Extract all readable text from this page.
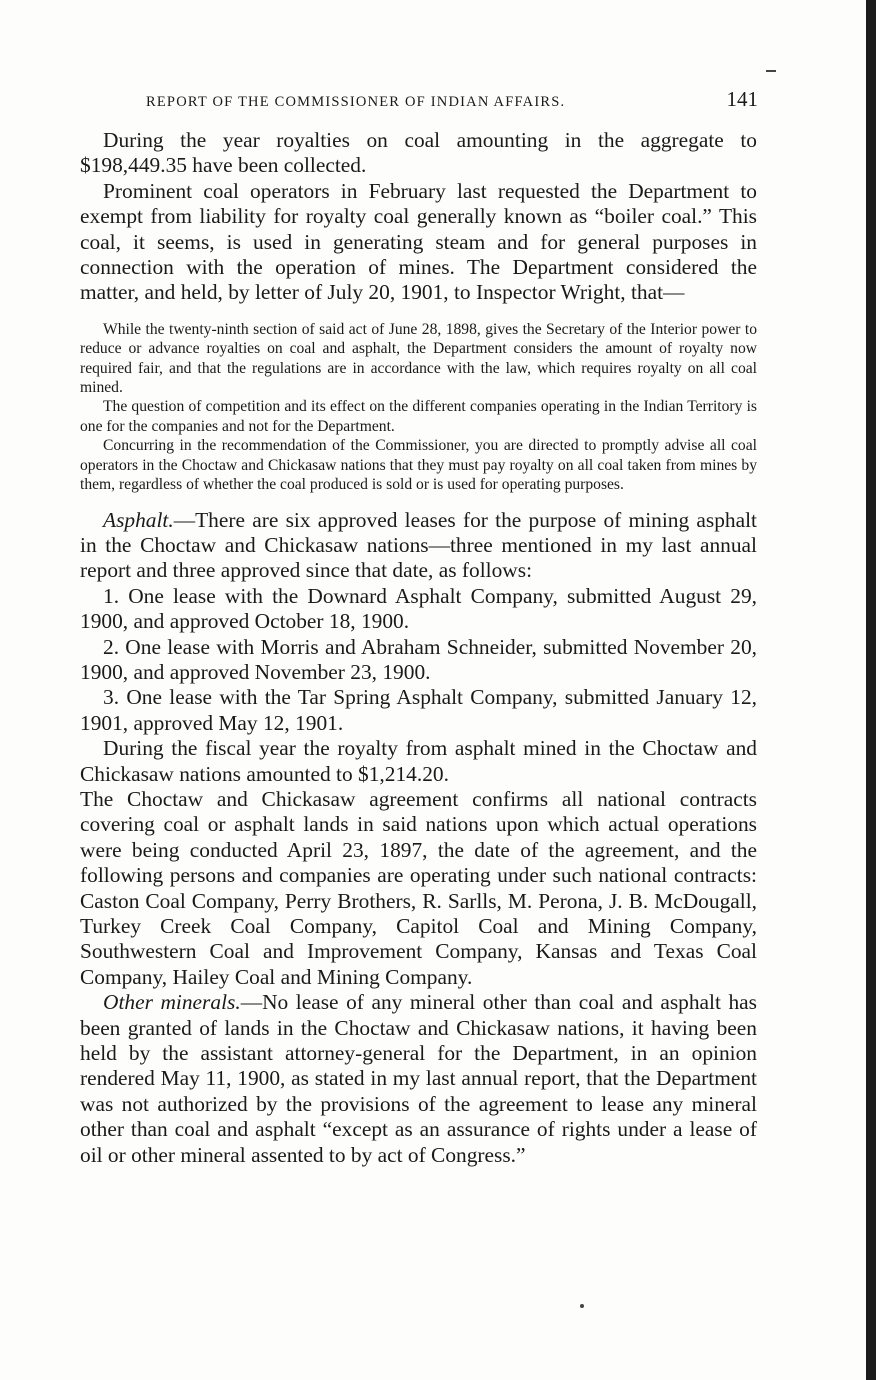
REPORT OF THE COMMISSIONER OF INDIAN AFFAIRS.	141

During the year royalties on coal amounting in the aggregate to $198,449.35 have been collected.

Prominent coal operators in February last requested the Department to exempt from liability for royalty coal generally known as “boiler coal.” This coal, it seems, is used in generating steam and for general purposes in connection with the operation of mines. The Department considered the matter, and held, by letter of July 20, 1901, to Inspector Wright, that—

While the twenty-ninth section of said act of June 28, 1898, gives the Secretary of the Interior power to reduce or advance royalties on coal and asphalt, the Department considers the amount of royalty now required fair, and that the regulations are in accordance with the law, which requires royalty on all coal mined.

The question of competition and its effect on the different companies operating in the Indian Territory is one for the companies and not for the Department.

Concurring in the recommendation of the Commissioner, you are directed to promptly advise all coal operators in the Choctaw and Chickasaw nations that they must pay royalty on all coal taken from mines by them, regardless of whether the coal produced is sold or is used for operating purposes.

Asphalt.—There are six approved leases for the purpose of mining asphalt in the Choctaw and Chickasaw nations—three mentioned in my last annual report and three approved since that date, as follows:

1. One lease with the Downard Asphalt Company, submitted August 29, 1900, and approved October 18, 1900.

2. One lease with Morris and Abraham Schneider, submitted November 20, 1900, and approved November 23, 1900.

3. One lease with the Tar Spring Asphalt Company, submitted January 12, 1901, approved May 12, 1901.

During the fiscal year the royalty from asphalt mined in the Choctaw and Chickasaw nations amounted to $1,214.20.

The Choctaw and Chickasaw agreement confirms all national contracts covering coal or asphalt lands in said nations upon which actual operations were being conducted April 23, 1897, the date of the agreement, and the following persons and companies are operating under such national contracts: Caston Coal Company, Perry Brothers, R. Sarlls, M. Perona, J. B. McDougall, Turkey Creek Coal Company, Capitol Coal and Mining Company, Southwestern Coal and Improvement Company, Kansas and Texas Coal Company, Hailey Coal and Mining Company.

Other minerals.—No lease of any mineral other than coal and asphalt has been granted of lands in the Choctaw and Chickasaw nations, it having been held by the assistant attorney-general for the Department, in an opinion rendered May 11, 1900, as stated in my last annual report, that the Department was not authorized by the provisions of the agreement to lease any mineral other than coal and asphalt “except as an assurance of rights under a lease of oil or other mineral assented to by act of Congress.”
